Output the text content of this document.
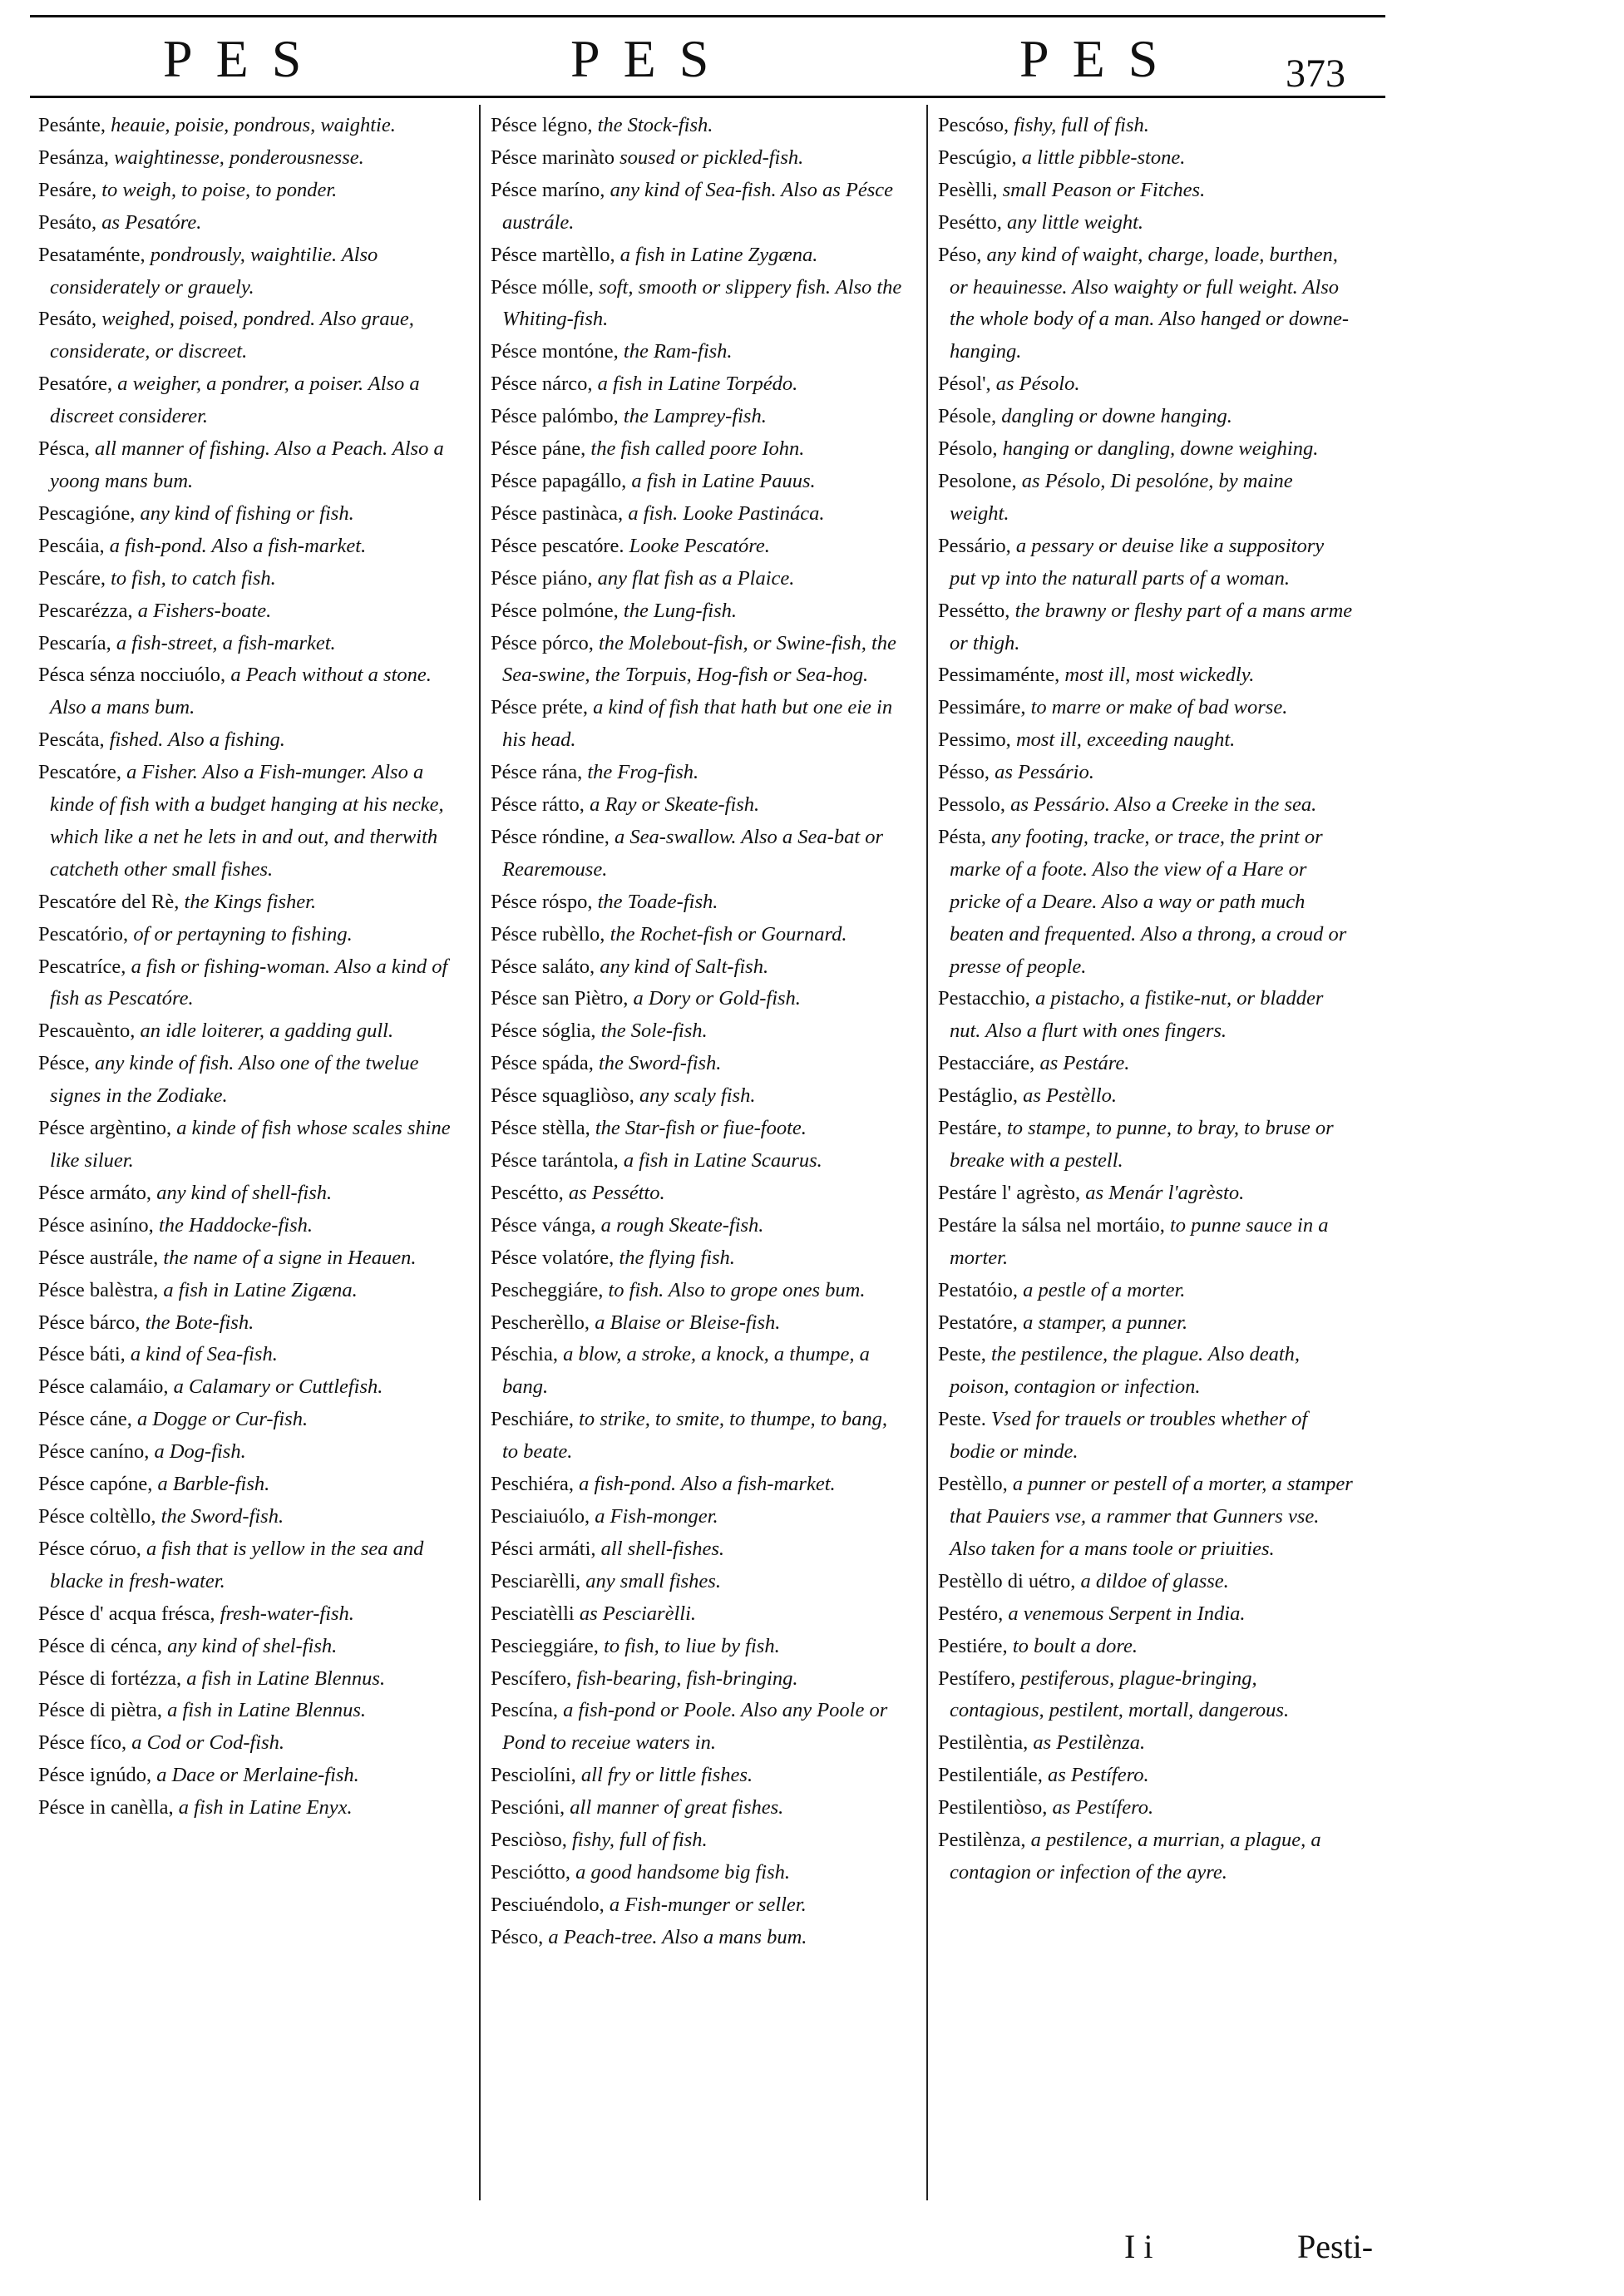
PES	PES	PES	373

Pesánte, heauie, poisie, pondrous, waightie.

Pesánza, waightinesse, ponderousnesse.

Pesáre, to weigh, to poise, to ponder.

Pesáto, as Pesatóre.

Pesataménte, pondrously, waightilie. Also considerately or grauely.

Pesáto, weighed, poised, pondred. Also graue, considerate, or discreet.

Pesatóre, a weigher, a pondrer, a poiser. Also a discreet considerer.

Pésca, all manner of fishing. Also a Peach. Also a yoong mans bum.

Pescagióne, any kind of fishing or fish.

Pescáia, a fish-pond. Also a fish-market.

Pescáre, to fish, to catch fish.

Pescarézza, a Fishers-boate.

Pescaría, a fish-street, a fish-market.

Pésca sénza nocciuólo, a Peach without a stone. Also a mans bum.

Pescáta, fished. Also a fishing.

Pescatóre, a Fisher. Also a Fish-munger. Also a kinde of fish with a budget hanging at his necke, which like a net he lets in and out, and therwith catcheth other small fishes.

Pescatóre del Rè, the Kings fisher.

Pescatório, of or pertayning to fishing.

Pescatríce, a fish or fishing-woman. Also a kind of fish as Pescatóre.

Pescauènto, an idle loiterer, a gadding gull.

Pésce, any kinde of fish. Also one of the twelue signes in the Zodiake.

Pésce argèntino, a kinde of fish whose scales shine like siluer.

Pésce armáto, any kind of shell-fish.

Pésce asiníno, the Haddocke-fish.

Pésce austrále, the name of a signe in Heauen.

Pésce balèstra, a fish in Latine Zigæna.

Pésce bárco, the Bote-fish.

Pésce báti, a kind of Sea-fish.

Pésce calamáio, a Calamary or Cuttlefish.

Pésce cáne, a Dogge or Cur-fish.

Pésce caníno, a Dog-fish.

Pésce capóne, a Barble-fish.

Pésce coltèllo, the Sword-fish.

Pésce córuo, a fish that is yellow in the sea and blacke in fresh-water.

Pésce d' acqua frésca, fresh-water-fish.

Pésce di cénca, any kind of shel-fish.

Pésce di fortézza, a fish in Latine Blennus.

Pésce di piètra, a fish in Latine Blennus.

Pésce fíco, a Cod or Cod-fish.

Pésce ignúdo, a Dace or Merlaine-fish.

Pésce in canèlla, a fish in Latine Enyx.

Pésce légno, the Stock-fish.

Pésce marinàto soused or pickled-fish.

Pésce maríno, any kind of Sea-fish. Also as Pésce austrále.

Pésce martèllo, a fish in Latine Zygæna.

Pésce mólle, soft, smooth or slippery fish. Also the Whiting-fish.

Pésce montóne, the Ram-fish.

Pésce nárco, a fish in Latine Torpédo.

Pésce palómbo, the Lamprey-fish.

Pésce páne, the fish called poore Iohn.

Pésce papagállo, a fish in Latine Pauus.

Pésce pastinàca, a fish. Looke Pastináca.

Pésce pescatóre. Looke Pescatóre.

Pésce piáno, any flat fish as a Plaice.

Pésce polmóne, the Lung-fish.

Pésce pórco, the Molebout-fish, or Swine-fish, the Sea-swine, the Torpuis, Hog-fish or Sea-hog.

Pésce préte, a kind of fish that hath but one eie in his head.

Pésce rána, the Frog-fish.

Pésce rátto, a Ray or Skeate-fish.

Pésce róndine, a Sea-swallow. Also a Sea-bat or Rearemouse.

Pésce róspo, the Toade-fish.

Pésce rubèllo, the Rochet-fish or Gournard.

Pésce saláto, any kind of Salt-fish.

Pésce san Piètro, a Dory or Gold-fish.

Pésce sóglia, the Sole-fish.

Pésce spáda, the Sword-fish.

Pésce squagliòso, any scaly fish.

Pésce stèlla, the Star-fish or fiue-foote.

Pésce tarántola, a fish in Latine Scaurus.

Pescétto, as Pessétto.

Pésce vánga, a rough Skeate-fish.

Pésce volatóre, the flying fish.

Pescheggiáre, to fish. Also to grope ones bum.

Pescherèllo, a Blaise or Bleise-fish.

Péschia, a blow, a stroke, a knock, a thumpe, a bang.

Peschiáre, to strike, to smite, to thumpe, to bang, to beate.

Peschiéra, a fish-pond. Also a fish-market.

Pesciaiuólo, a Fish-monger.

Pésci armáti, all shell-fishes.

Pesciarèlli, any small fishes.

Pesciatèlli as Pesciarèlli.

Pescieggiáre, to fish, to liue by fish.

Pescífero, fish-bearing, fish-bringing.

Pescína, a fish-pond or Poole. Also any Poole or Pond to receiue waters in.

Pesciolíni, all fry or little fishes.

Pescióni, all manner of great fishes.

Pesciòso, fishy, full of fish.

Pesciótto, a good handsome big fish.

Pesciuéndolo, a Fish-munger or seller.

Pésco, a Peach-tree. Also a mans bum.

Pescóso, fishy, full of fish.

Pescúgio, a little pibble-stone.

Pesèlli, small Peason or Fitches.

Pesétto, any little weight.

Péso, any kind of waight, charge, loade, burthen, or heauinesse. Also waighty or full weight. Also the whole body of a man. Also hanged or downe-hanging.

Pésol', as Pésolo.

Pésole, dangling or downe hanging.

Pésolo, hanging or dangling, downe weighing.

Pesolone, as Pésolo, Di pesolóne, by maine weight.

Pessário, a pessary or deuise like a suppository put vp into the naturall parts of a woman.

Pessétto, the brawny or fleshy part of a mans arme or thigh.

Pessimaménte, most ill, most wickedly.

Pessimáre, to marre or make of bad worse.

Pessimo, most ill, exceeding naught.

Pésso, as Pessário.

Pessolo, as Pessário. Also a Creeke in the sea.

Pésta, any footing, tracke, or trace, the print or marke of a foote. Also the view of a Hare or pricke of a Deare. Also a way or path much beaten and frequented. Also a throng, a croud or presse of people.

Pestacchio, a pistacho, a fistike-nut, or bladder nut. Also a flurt with ones fingers.

Pestacciáre, as Pestáre.

Pestáglio, as Pestèllo.

Pestáre, to stampe, to punne, to bray, to bruse or breake with a pestell.

Pestáre l' agrèsto, as Menár l'agrèsto.

Pestáre la sálsa nel mortáio, to punne sauce in a morter.

Pestatóio, a pestle of a morter.

Pestatóre, a stamper, a punner.

Peste, the pestilence, the plague. Also death, poison, contagion or infection.

Peste. Vsed for trauels or troubles whether of bodie or minde.

Pestèllo, a punner or pestell of a morter, a stamper that Pauiers vse, a rammer that Gunners vse. Also taken for a mans toole or priuities.

Pestèllo di uétro, a dildoe of glasse.

Pestéro, a venemous Serpent in India.

Pestiére, to boult a dore.

Pestífero, pestiferous, plague-bringing, contagious, pestilent, mortall, dangerous.

Pestilèntia, as Pestilènza.

Pestilentiále, as Pestífero.

Pestilentiòso, as Pestífero.

Pestilènza, a pestilence, a murrian, a plague, a contagion or infection of the ayre.

I i	Pesti-
